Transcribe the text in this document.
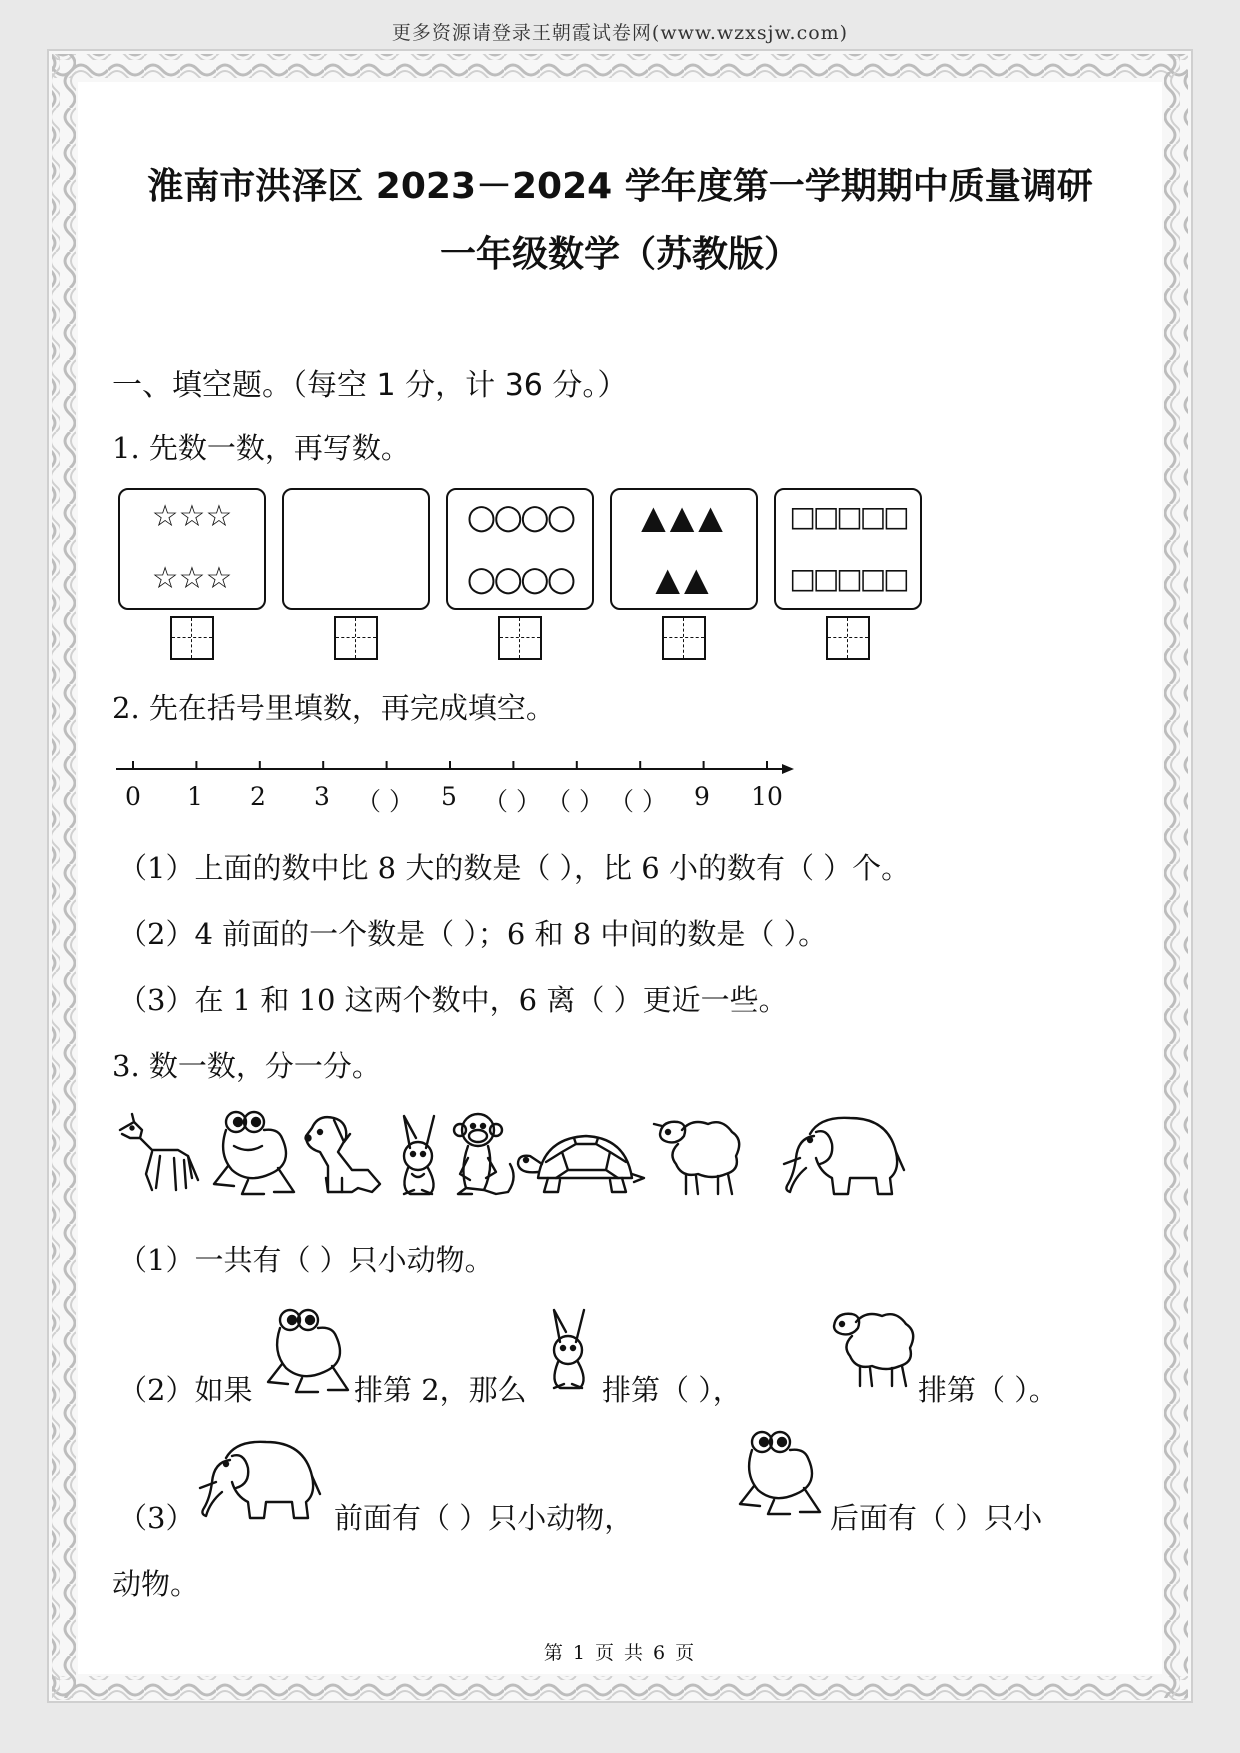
更多资源请登录王朝霞试卷网(www.wzxsjw.com)
淮南市洪泽区 2023－2024 学年度第一学期期中质量调研
一年级数学（苏教版）
一、填空题。（每空 1 分，计 36 分。）
1. 先数一数，再写数。
☆☆☆
☆☆☆
○○○○
○○○○
▲▲▲
▲▲
□□□□□
□□□□□
2. 先在括号里填数，再完成填空。
0 1 2 3 （ ） 5 （ ） （ ） （ ） 9 10
（1）上面的数中比 8 大的数是（ ），比 6 小的数有（ ）个。
（2）4 前面的一个数是（ ）；6 和 8 中间的数是（ ）。
（3）在 1 和 10 这两个数中，6 离（ ）更近一些。
3. 数一数，分一分。
（1）一共有（ ）只小动物。
（2）如果	排第 2，那么	排第（ ），	排第（ ）。
（3）	前面有（ ）只小动物，	后面有（ ）只小
动物。
第 1 页 共 6 页
